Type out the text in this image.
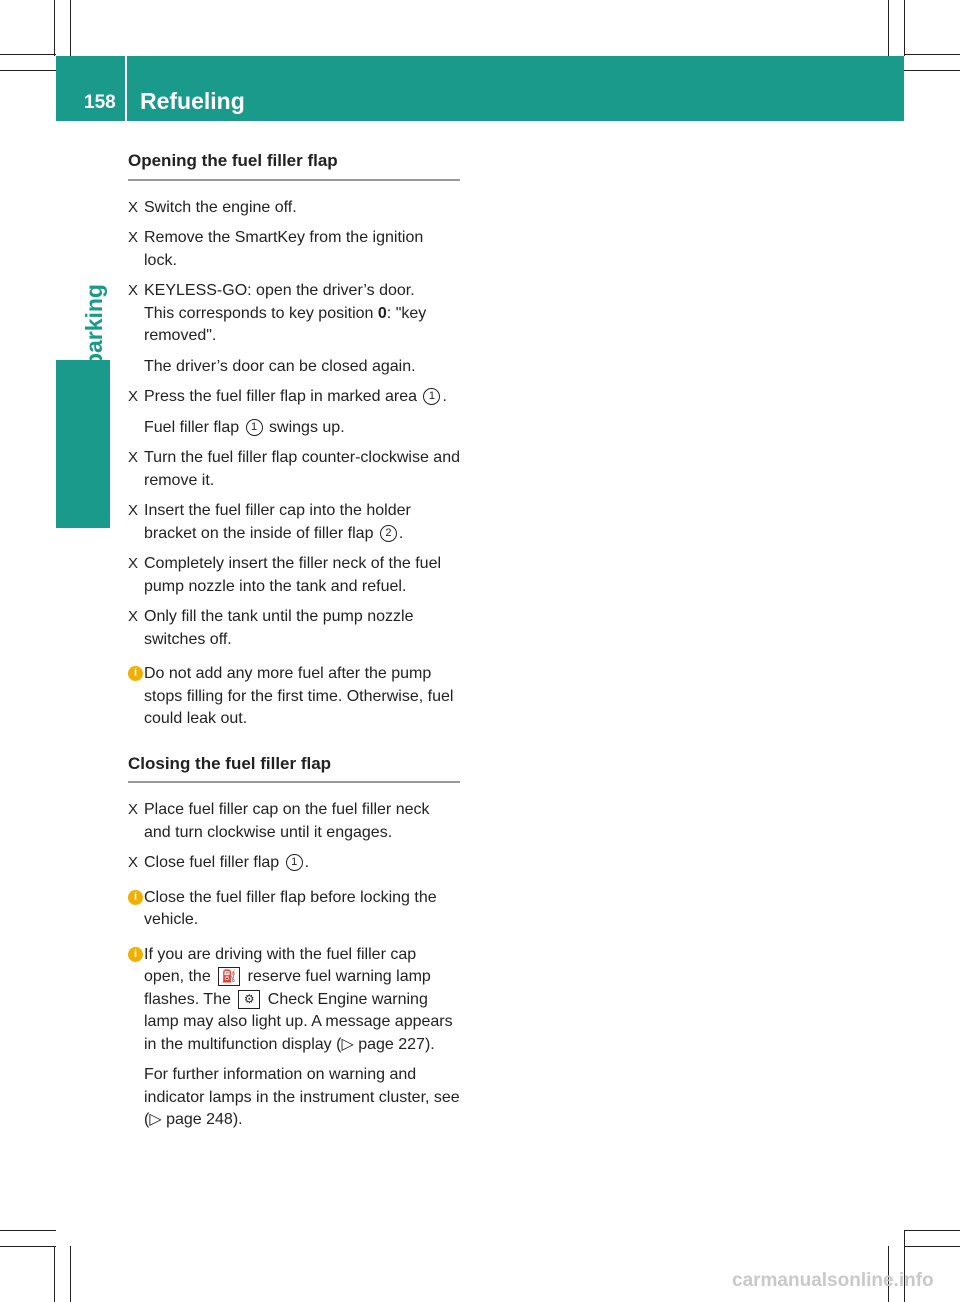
158 Refueling
Opening the fuel filler flap
X Switch the engine off.
X Remove the SmartKey from the ignition lock.
X KEYLESS-GO: open the driver’s door.
This corresponds to key position 0: "key removed".
The driver’s door can be closed again.
X Press the fuel filler flap in marked area 1 .
Fuel filler flap 1 swings up.
X Turn the fuel filler flap counter-clockwise and remove it.
X Insert the fuel filler cap into the holder bracket on the inside of filler flap 2 .
X Completely insert the filler neck of the fuel pump nozzle into the tank and refuel.
X Only fill the tank until the pump nozzle switches off.
i Do not add any more fuel after the pump stops filling for the first time. Otherwise, fuel could leak out.
Closing the fuel filler flap
X Place fuel filler cap on the fuel filler neck and turn clockwise until it engages.
X Close fuel filler flap 1 .
i Close the fuel filler flap before locking the vehicle.
i If you are driving with the fuel filler cap open, the ⛽ reserve fuel warning lamp flashes. The ⚙ Check Engine warning lamp may also light up. A message appears in the multifunction display (▷ page 227).
For further information on warning and indicator lamps in the instrument cluster, see (▷ page 248).
carmanualsonline.info
